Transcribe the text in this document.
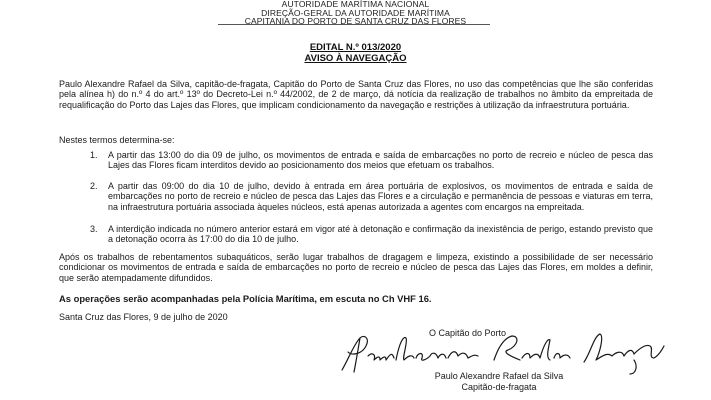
AUTORIDADE MARÍTIMA NACIONAL
DIREÇÃO-GERAL DA AUTORIDADE MARÍTIMA
CAPITANIA DO PORTO DE SANTA CRUZ DAS FLORES
EDITAL N.º 013/2020
AVISO À NAVEGAÇÃO
Paulo Alexandre Rafael da Silva, capitão-de-fragata, Capitão do Porto de Santa Cruz das Flores, no uso das competências que lhe são conferidas pela alínea h) do n.º 4 do art.º 13º do Decreto-Lei n.º 44/2002, de 2 de março, dá notícia da realização de trabalhos no âmbito da empreitada de requalificação do Porto das Lajes das Flores, que implicam condicionamento da navegação e restrições à utilização da infraestrutura portuária.
Nestes termos determina-se:
1. A partir das 13:00 do dia 09 de julho, os movimentos de entrada e saída de embarcações no porto de recreio e núcleo de pesca das Lajes das Flores ficam interditos devido ao posicionamento dos meios que efetuam os trabalhos.
2. A partir das 09:00 do dia 10 de julho, devido à entrada em área portuária de explosivos, os movimentos de entrada e saída de embarcações no porto de recreio e núcleo de pesca das Lajes das Flores e a circulação e permanência de pessoas e viaturas em terra, na infraestrutura portuária associada àqueles núcleos, está apenas autorizada a agentes com encargos na empreitada.
3. A interdição indicada no número anterior estará em vigor até à detonação e confirmação da inexistência de perigo, estando previsto que a detonação ocorra às 17:00 do dia 10 de julho.
Após os trabalhos de rebentamentos subaquáticos, serão lugar trabalhos de dragagem e limpeza, existindo a possibilidade de ser necessário condicionar os movimentos de entrada e saída de embarcações no porto de recreio e núcleo de pesca das Lajes das Flores, em moldes a definir, que serão atempadamente difundidos.
As operações serão acompanhadas pela Polícia Marítima, em escuta no Ch VHF 16.
Santa Cruz das Flores, 9 de julho de 2020
O Capitão do Porto
Paulo Alexandre Rafael da Silva
Capitão-de-fragata
